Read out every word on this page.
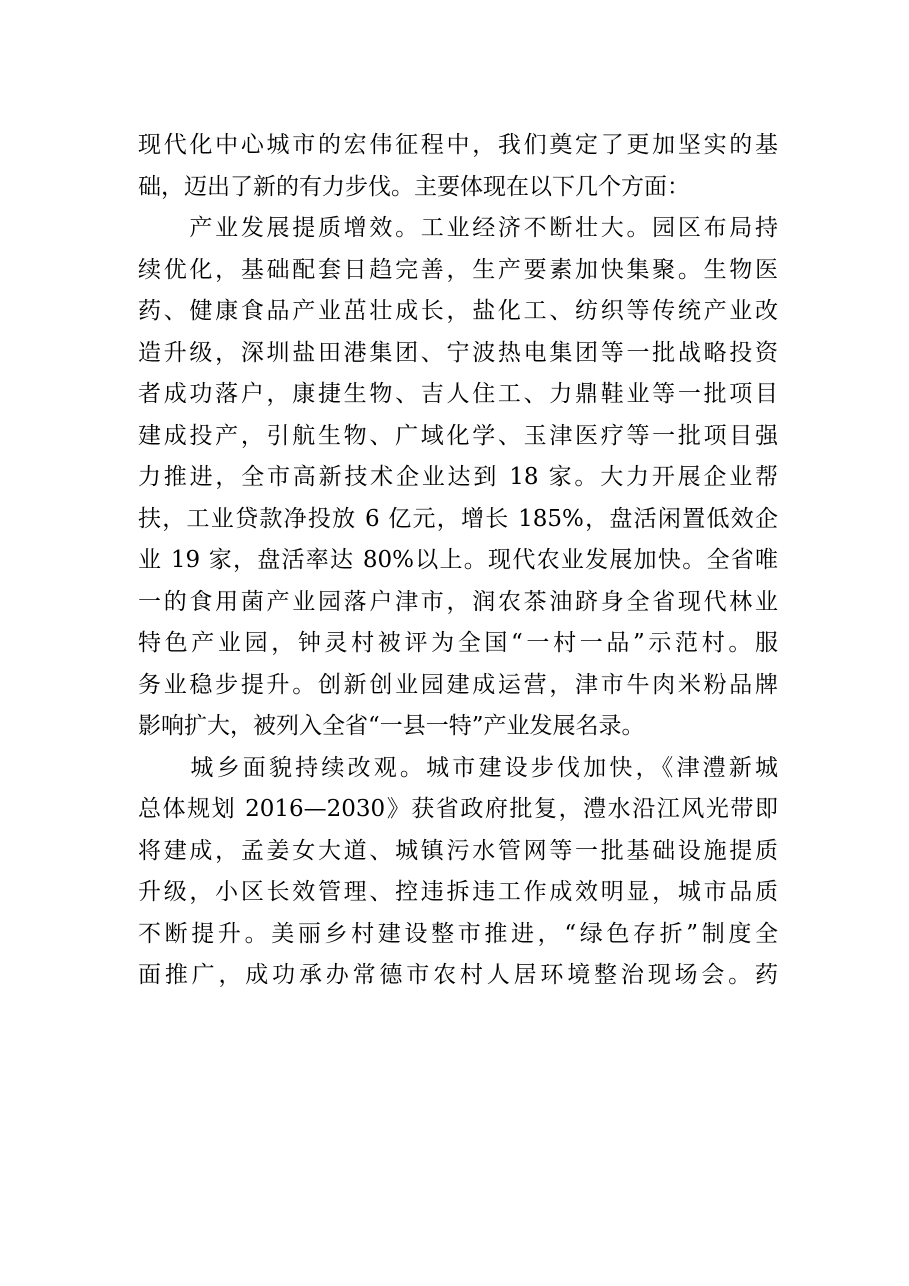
现代化中心城市的宏伟征程中，我们奠定了更加坚实的基
础，迈出了新的有力步伐。主要体现在以下几个方面：
　　产业发展提质增效。工业经济不断壮大。园区布局持
续优化，基础配套日趋完善，生产要素加快集聚。生物医
药、健康食品产业茁壮成长，盐化工、纺织等传统产业改
造升级，深圳盐田港集团、宁波热电集团等一批战略投资
者成功落户，康捷生物、吉人住工、力鼎鞋业等一批项目
建成投产，引航生物、广域化学、玉津医疗等一批项目强
力推进，全市高新技术企业达到 18 家。大力开展企业帮
扶，工业贷款净投放 6 亿元，增长 185%，盘活闲置低效企
业 19 家，盘活率达 80%以上。现代农业发展加快。全省唯
一的食用菌产业园落户津市，润农茶油跻身全省现代林业
特色产业园，钟灵村被评为全国“一村一品”示范村。服
务业稳步提升。创新创业园建成运营，津市牛肉米粉品牌
影响扩大，被列入全省“一县一特”产业发展名录。
　　城乡面貌持续改观。城市建设步伐加快，《津澧新城
总体规划 2016—2030》获省政府批复，澧水沿江风光带即
将建成，孟姜女大道、城镇污水管网等一批基础设施提质
升级，小区长效管理、控违拆违工作成效明显，城市品质
不断提升。美丽乡村建设整市推进，“绿色存折”制度全
面推广，成功承办常德市农村人居环境整治现场会。药
